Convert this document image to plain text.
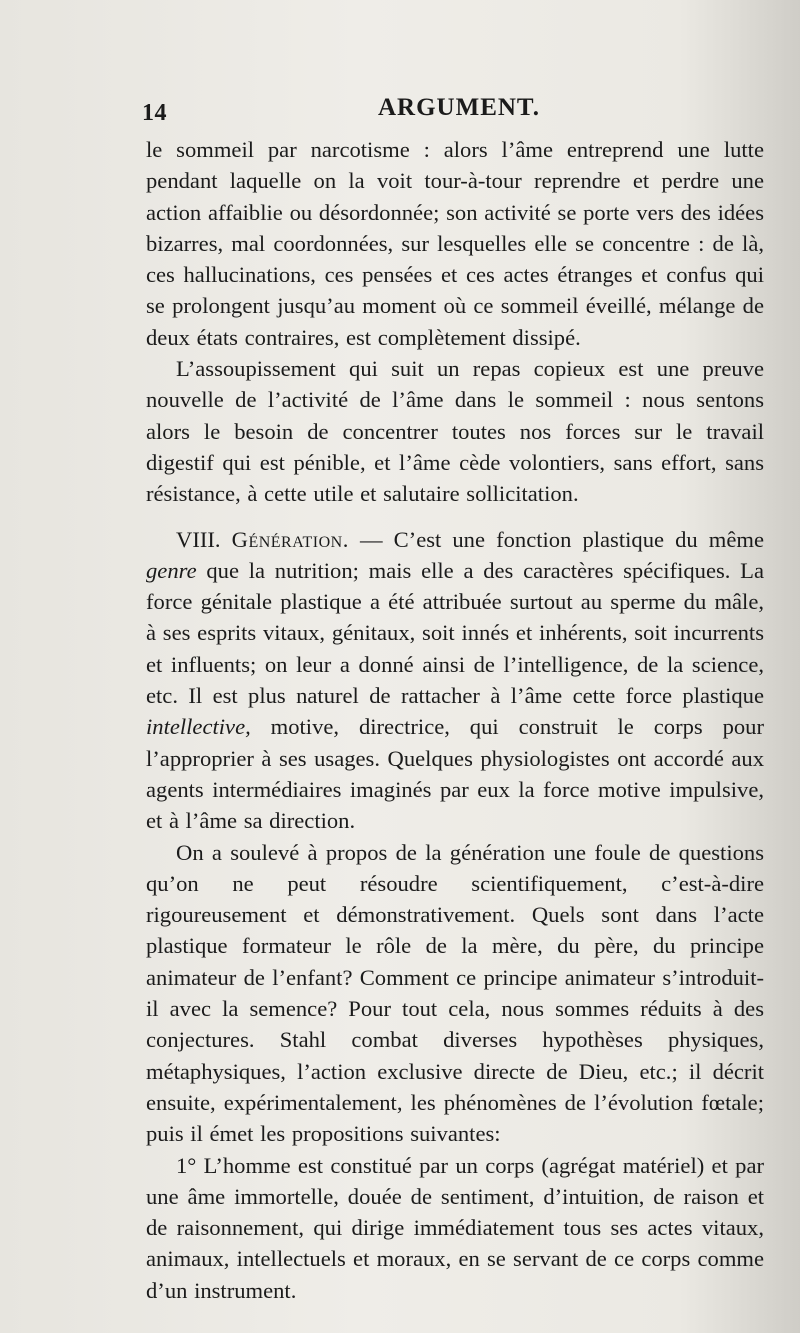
14	ARGUMENT.

le sommeil par narcotisme : alors l’âme entreprend une lutte pendant laquelle on la voit tour-à-tour reprendre et perdre une action affaiblie ou désordonnée; son activité se porte vers des idées bizarres, mal coordonnées, sur lesquelles elle se concentre : de là, ces hallucinations, ces pensées et ces actes étranges et confus qui se prolongent jusqu’au moment où ce sommeil éveillé, mélange de deux états contraires, est complètement dissipé.

L’assoupissement qui suit un repas copieux est une preuve nouvelle de l’activité de l’âme dans le sommeil : nous sentons alors le besoin de concentrer toutes nos forces sur le travail digestif qui est pénible, et l’âme cède volontiers, sans effort, sans résistance, à cette utile et salutaire sollicitation.

VIII. Génération. — C’est une fonction plastique du même genre que la nutrition; mais elle a des caractères spécifiques. La force génitale plastique a été attribuée surtout au sperme du mâle, à ses esprits vitaux, génitaux, soit innés et inhérents, soit incurrents et influents; on leur a donné ainsi de l’intelligence, de la science, etc. Il est plus naturel de rattacher à l’âme cette force plastique intellective, motive, directrice, qui construit le corps pour l’approprier à ses usages. Quelques physiologistes ont accordé aux agents intermédiaires imaginés par eux la force motive impulsive, et à l’âme sa direction.

On a soulevé à propos de la génération une foule de questions qu’on ne peut résoudre scientifiquement, c’est-à-dire rigoureusement et démonstrativement. Quels sont dans l’acte plastique formateur le rôle de la mère, du père, du principe animateur de l’enfant? Comment ce principe animateur s’introduit-il avec la semence? Pour tout cela, nous sommes réduits à des conjectures. Stahl combat diverses hypothèses physiques, métaphysiques, l’action exclusive directe de Dieu, etc.; il décrit ensuite, expérimentalement, les phénomènes de l’évolution fœtale; puis il émet les propositions suivantes:

1° L’homme est constitué par un corps (agrégat matériel) et par une âme immortelle, douée de sentiment, d’intuition, de raison et de raisonnement, qui dirige immédiatement tous ses actes vitaux, animaux, intellectuels et moraux, en se servant de ce corps comme d’un instrument.
